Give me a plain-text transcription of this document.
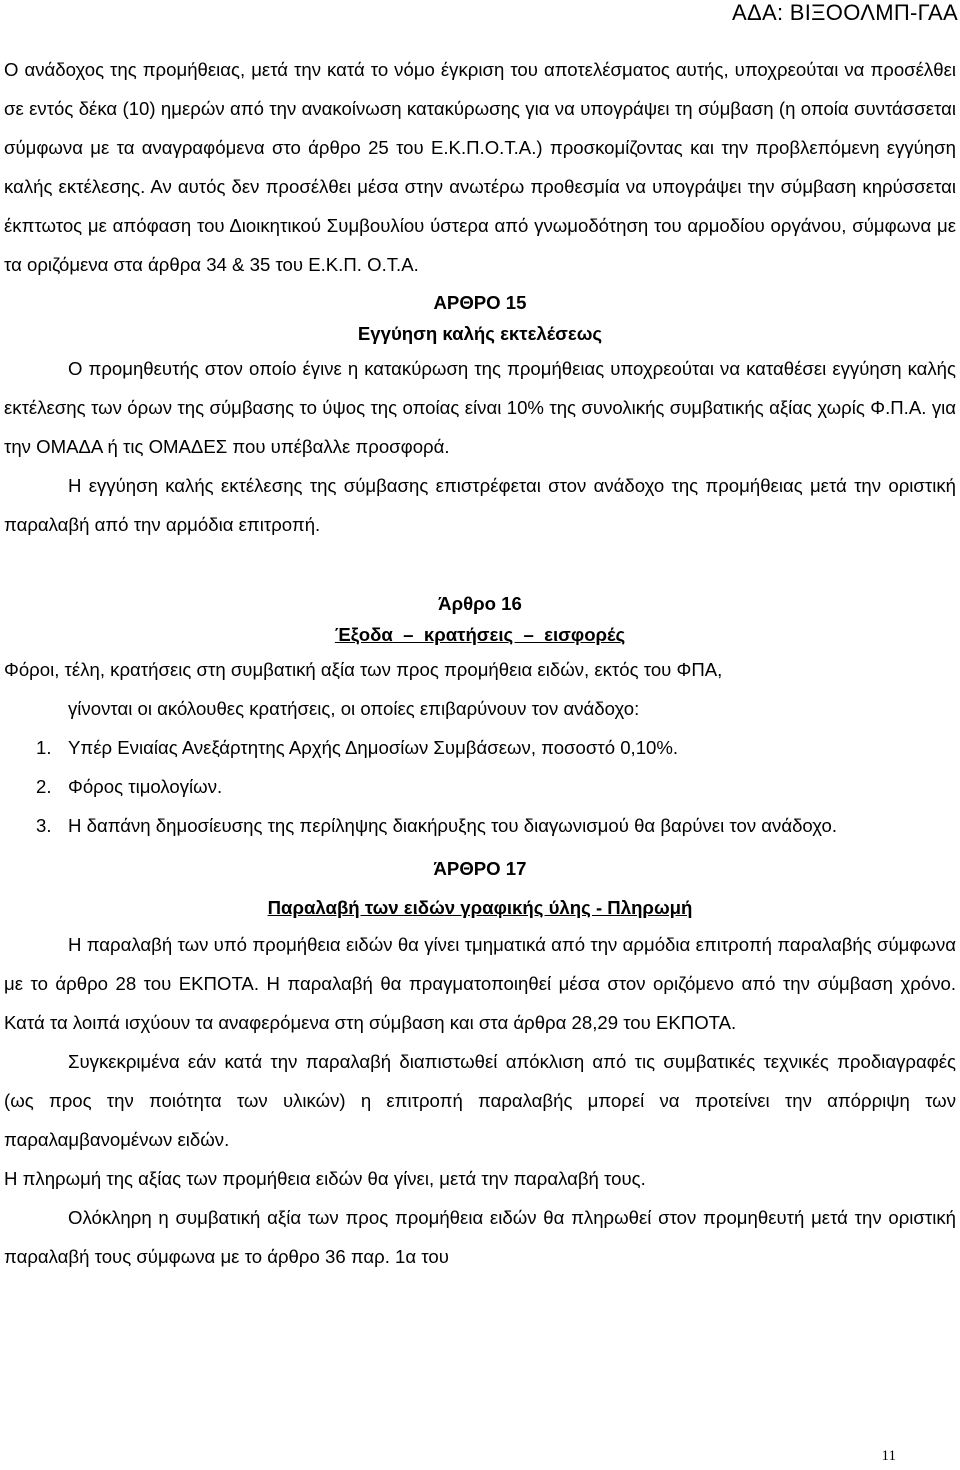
ΑΔΑ: ΒΙΞΟΟΛΜΠ-ΓΑΑ

Ο ανάδοχος της προμήθειας, μετά την κατά το νόμο έγκριση του αποτελέσματος αυτής, υποχρεούται να προσέλθει σε εντός δέκα (10) ημερών από την ανακοίνωση κατακύρωσης για να υπογράψει τη σύμβαση (η οποία συντάσσεται σύμφωνα με τα αναγραφόμενα στο άρθρο 25 του Ε.Κ.Π.Ο.Τ.Α.) προσκομίζοντας και την προβλεπόμενη εγγύηση καλής εκτέλεσης. Αν αυτός δεν προσέλθει μέσα στην ανωτέρω προθεσμία να υπογράψει την σύμβαση κηρύσσεται έκπτωτος με απόφαση του Διοικητικού Συμβουλίου ύστερα από γνωμοδότηση του αρμοδίου οργάνου, σύμφωνα με τα οριζόμενα στα άρθρα 34 & 35 του Ε.Κ.Π. Ο.Τ.Α.

ΑΡΘΡΟ 15
Εγγύηση καλής εκτελέσεως

Ο προμηθευτής στον οποίο έγινε η κατακύρωση της προμήθειας υποχρεούται να καταθέσει εγγύηση καλής εκτέλεσης των όρων της σύμβασης το ύψος της οποίας είναι 10% της συνολικής συμβατικής αξίας χωρίς Φ.Π.Α. για την ΟΜΑΔΑ ή τις ΟΜΑΔΕΣ που υπέβαλλε προσφορά.

Η εγγύηση καλής εκτέλεσης της σύμβασης επιστρέφεται στον ανάδοχο της προμήθειας μετά την οριστική παραλαβή από την αρμόδια επιτροπή.

Άρθρο 16
Έξοδα  –  κρατήσεις  –  εισφορές

Φόροι, τέλη, κρατήσεις στη συμβατική αξία των προς προμήθεια ειδών, εκτός του ΦΠΑ,

γίνονται οι ακόλουθες κρατήσεις, οι οποίες επιβαρύνουν τον ανάδοχο:
1. Υπέρ Ενιαίας Ανεξάρτητης Αρχής Δημοσίων Συμβάσεων, ποσοστό 0,10%.
2. Φόρος τιμολογίων.
3. Η δαπάνη δημοσίευσης της περίληψης διακήρυξης του διαγωνισμού θα βαρύνει τον ανάδοχο.
ΆΡΘΡΟ 17
Παραλαβή των ειδών γραφικής ύλης - Πληρωμή

Η παραλαβή των υπό προμήθεια ειδών θα γίνει τμηματικά από την αρμόδια επιτροπή παραλαβής σύμφωνα με το άρθρο 28 του ΕΚΠΟΤΑ. Η παραλαβή θα πραγματοποιηθεί μέσα στον οριζόμενο από την σύμβαση χρόνο. Κατά τα λοιπά ισχύουν τα αναφερόμενα στη σύμβαση και στα άρθρα 28,29 του ΕΚΠΟΤΑ.

Συγκεκριμένα εάν κατά την παραλαβή διαπιστωθεί απόκλιση από τις συμβατικές τεχνικές προδιαγραφές (ως προς την ποιότητα των υλικών) η επιτροπή παραλαβής μπορεί να προτείνει την απόρριψη των παραλαμβανομένων ειδών.

Η πληρωμή της αξίας των προμήθεια ειδών θα γίνει, μετά την παραλαβή τους.

Ολόκληρη η συμβατική αξία των προς προμήθεια ειδών θα πληρωθεί στον προμηθευτή μετά την οριστική παραλαβή τους σύμφωνα με το άρθρο 36 παρ. 1α του

11
